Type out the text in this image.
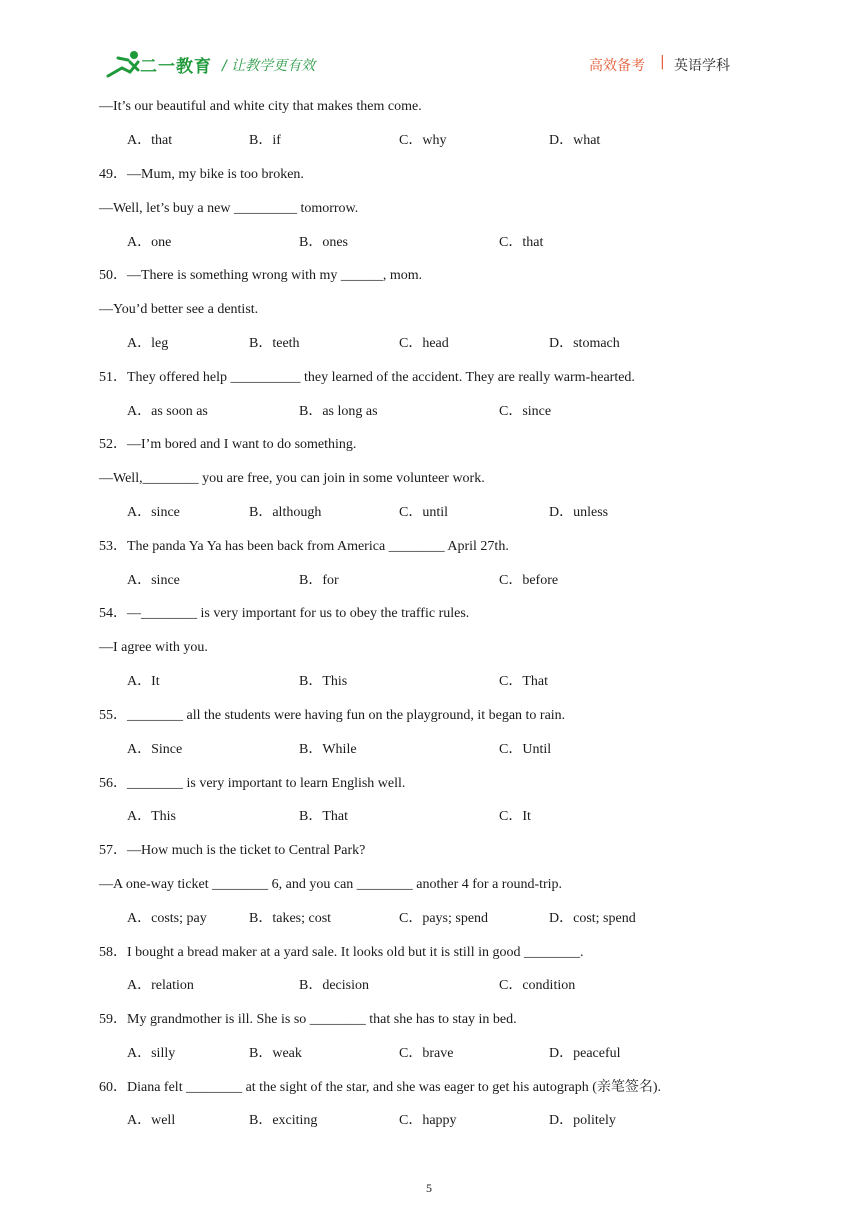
二一教育 / 让教学更有效	高效备考 | 英语学科
—It’s our beautiful and white city that makes them come.
A．that	B．if	C．why	D．what
49．—Mum, my bike is too broken.
—Well, let’s buy a new _________ tomorrow.
A．one	B．ones	C．that
50．—There is something wrong with my ______, mom.
—You’d better see a dentist.
A．leg	B．teeth	C．head	D．stomach
51．They offered help __________ they learned of the accident. They are really warm-hearted.
A．as soon as	B．as long as	C．since
52．—I’m bored and I want to do something.
—Well,________ you are free, you can join in some volunteer work.
A．since	B．although	C．until	D．unless
53．The panda Ya Ya has been back from America ________ April 27th.
A．since	B．for	C．before
54．—________ is very important for us to obey the traffic rules.
—I agree with you.
A．It	B．This	C．That
55．________ all the students were having fun on the playground, it began to rain.
A．Since	B．While	C．Until
56．________ is very important to learn English well.
A．This	B．That	C．It
57．—How much is the ticket to Central Park?
—A one-way ticket ________ 6, and you can ________ another 4 for a round-trip.
A．costs; pay	B．takes; cost	C．pays; spend	D．cost; spend
58．I bought a bread maker at a yard sale. It looks old but it is still in good ________.
A．relation	B．decision	C．condition
59．My grandmother is ill. She is so ________ that she has to stay in bed.
A．silly	B．weak	C．brave	D．peaceful
60．Diana felt ________ at the sight of the star, and she was eager to get his autograph (亲笔签名).
A．well	B．exciting	C．happy	D．politely
5
